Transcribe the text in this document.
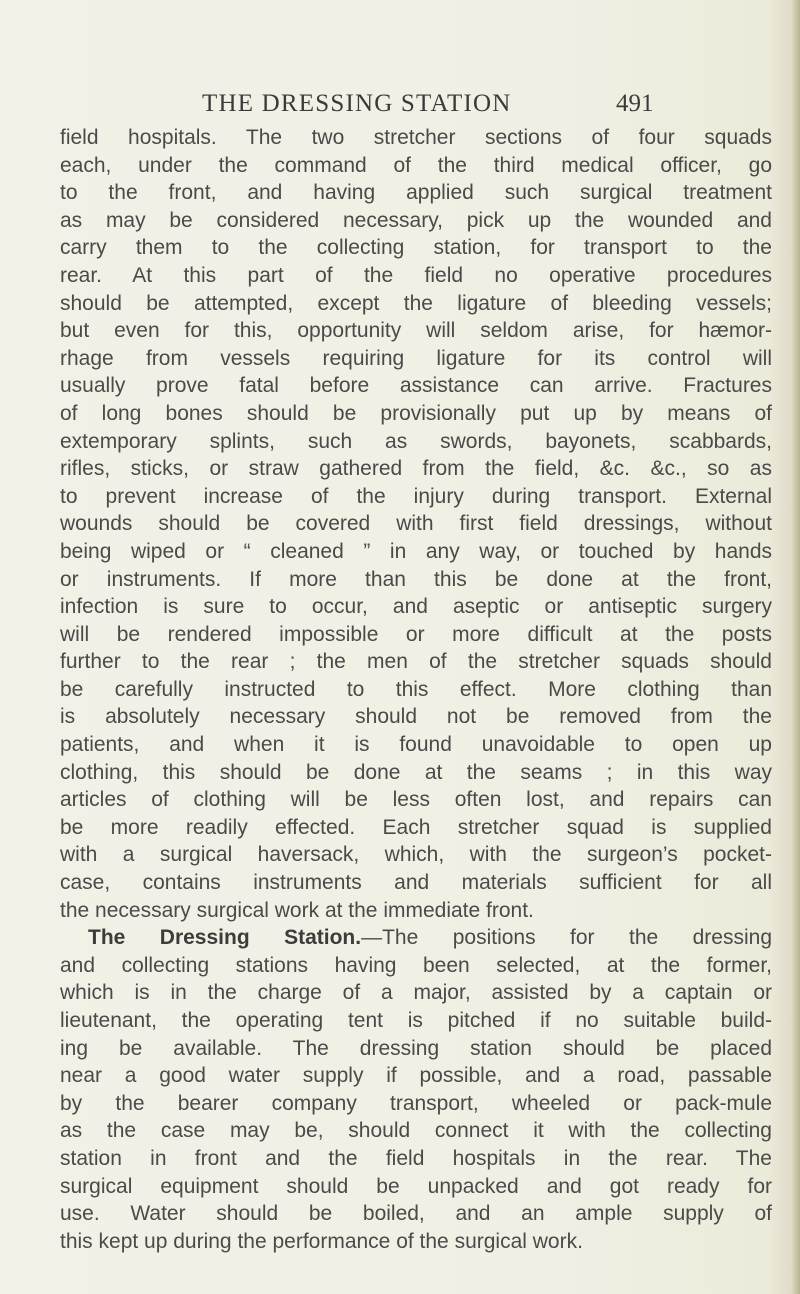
THE DRESSING STATION	491
field hospitals. The two stretcher sections of four squads
each, under the command of the third medical officer, go
to the front, and having applied such surgical treatment
as may be considered necessary, pick up the wounded and
carry them to the collecting station, for transport to the
rear. At this part of the field no operative procedures
should be attempted, except the ligature of bleeding vessels;
but even for this, opportunity will seldom arise, for hæmor-
rhage from vessels requiring ligature for its control will
usually prove fatal before assistance can arrive. Fractures
of long bones should be provisionally put up by means of
extemporary splints, such as swords, bayonets, scabbards,
rifles, sticks, or straw gathered from the field, &c. &c., so as
to prevent increase of the injury during transport. External
wounds should be covered with first field dressings, without
being wiped or “ cleaned ” in any way, or touched by hands
or instruments. If more than this be done at the front,
infection is sure to occur, and aseptic or antiseptic surgery
will be rendered impossible or more difficult at the posts
further to the rear ; the men of the stretcher squads should
be carefully instructed to this effect. More clothing than
is absolutely necessary should not be removed from the
patients, and when it is found unavoidable to open up
clothing, this should be done at the seams ; in this way
articles of clothing will be less often lost, and repairs can
be more readily effected. Each stretcher squad is supplied
with a surgical haversack, which, with the surgeon’s pocket-
case, contains instruments and materials sufficient for all
the necessary surgical work at the immediate front.
The Dressing Station.—The positions for the dressing
and collecting stations having been selected, at the former,
which is in the charge of a major, assisted by a captain or
lieutenant, the operating tent is pitched if no suitable build-
ing be available. The dressing station should be placed
near a good water supply if possible, and a road, passable
by the bearer company transport, wheeled or pack-mule
as the case may be, should connect it with the collecting
station in front and the field hospitals in the rear. The
surgical equipment should be unpacked and got ready for
use. Water should be boiled, and an ample supply of
this kept up during the performance of the surgical work.
